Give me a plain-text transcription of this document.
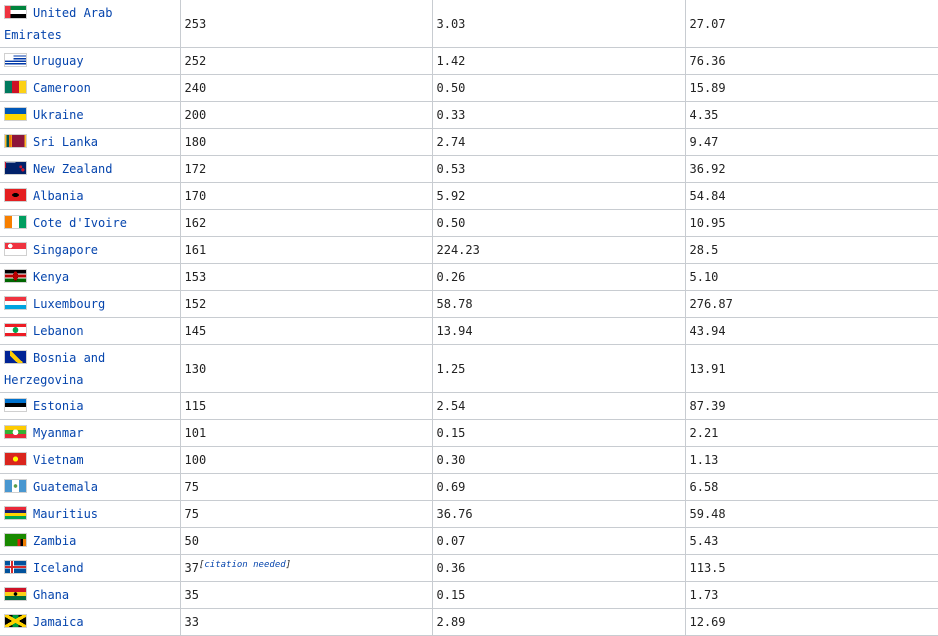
United Arab Emirates	253	3.03	27.07
Uruguay	252	1.42	76.36
Cameroon	240	0.50	15.89
Ukraine	200	0.33	4.35
Sri Lanka	180	2.74	9.47
New Zealand	172	0.53	36.92
Albania	170	5.92	54.84
Cote d'Ivoire	162	0.50	10.95
Singapore	161	224.23	28.5
Kenya	153	0.26	5.10
Luxembourg	152	58.78	276.87
Lebanon	145	13.94	43.94
Bosnia and Herzegovina	130	1.25	13.91
Estonia	115	2.54	87.39
Myanmar	101	0.15	2.21
Vietnam	100	0.30	1.13
Guatemala	75	0.69	6.58
Mauritius	75	36.76	59.48
Zambia	50	0.07	5.43
Iceland	37[citation needed]	0.36	113.5
Ghana	35	0.15	1.73
Jamaica	33	2.89	12.69
